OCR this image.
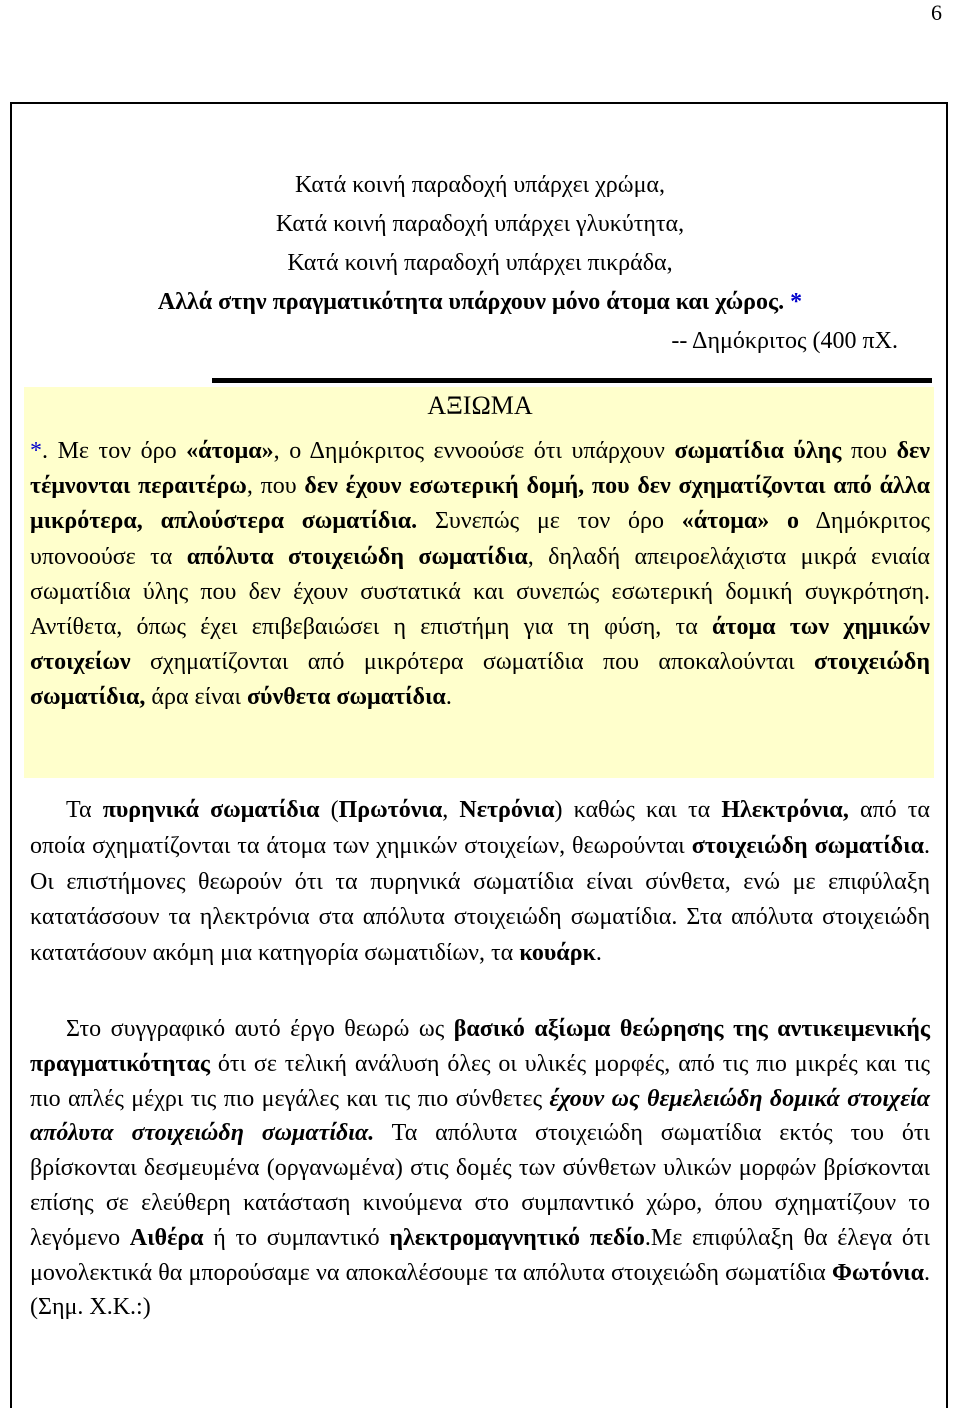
6
Κατά κοινή παραδοχή υπάρχει χρώμα,
Κατά κοινή παραδοχή υπάρχει γλυκύτητα,
Κατά κοινή παραδοχή υπάρχει πικράδα,
Αλλά στην πραγματικότητα υπάρχουν μόνο άτομα και χώρος. *
-- Δημόκριτος (400 πΧ.
ΑΞΙΩΜΑ

*. Με τον όρο «άτομα», ο Δημόκριτος εννοούσε ότι υπάρχουν σωματίδια ύλης που δεν τέμνονται περαιτέρω, που δεν έχουν εσωτερική δομή, που δεν σχηματίζονται από άλλα μικρότερα, απλούστερα σωματίδια. Συνεπώς με τον όρο «άτομα» ο Δημόκριτος υπονοούσε τα απόλυτα στοιχειώδη σωματίδια, δηλαδή απειροελάχιστα μικρά ενιαία σωματίδια ύλης που δεν έχουν συστατικά και συνεπώς εσωτερική δομική συγκρότηση. Αντίθετα, όπως έχει επιβεβαιώσει η επιστήμη για τη φύση, τα άτομα των χημικών στοιχείων σχηματίζονται από μικρότερα σωματίδια που αποκαλούνται στοιχειώδη σωματίδια, άρα είναι σύνθετα σωματίδια.

Τα πυρηνικά σωματίδια (Πρωτόνια, Νετρόνια) καθώς και τα Ηλεκτρόνια, από τα οποία σχηματίζονται τα άτομα των χημικών στοιχείων, θεωρούνται στοιχειώδη σωματίδια. Οι επιστήμονες θεωρούν ότι τα πυρηνικά σωματίδια είναι σύνθετα, ενώ με επιφύλαξη κατατάσσουν τα ηλεκτρόνια στα απόλυτα στοιχειώδη σωματίδια. Στα απόλυτα στοιχειώδη κατατάσουν ακόμη μια κατηγορία σωματιδίων, τα κουάρκ.

Στο συγγραφικό αυτό έργο θεωρώ ως βασικό αξίωμα θεώρησης της αντικειμενικής πραγματικότητας ότι σε τελική ανάλυση όλες οι υλικές μορφές, από τις πιο μικρές και τις πιο απλές μέχρι τις πιο μεγάλες και τις πιο σύνθετες έχουν ως θεμελειώδη δομικά στοιχεία απόλυτα στοιχειώδη σωματίδια. Τα απόλυτα στοιχειώδη σωματίδια εκτός του ότι βρίσκονται δεσμευμένα (οργανωμένα) στις δομές των σύνθετων υλικών μορφών βρίσκονται επίσης σε ελεύθερη κατάσταση κινούμενα στο συμπαντικό χώρο, όπου σχηματίζουν το λεγόμενο Αιθέρα ή το συμπαντικό ηλεκτρομαγνητικό πεδίο.Με επιφύλαξη θα έλεγα ότι μονολεκτικά θα μπορούσαμε να αποκαλέσουμε τα απόλυτα στοιχειώδη σωματίδια Φωτόνια. (Σημ. Χ.Κ.:)
